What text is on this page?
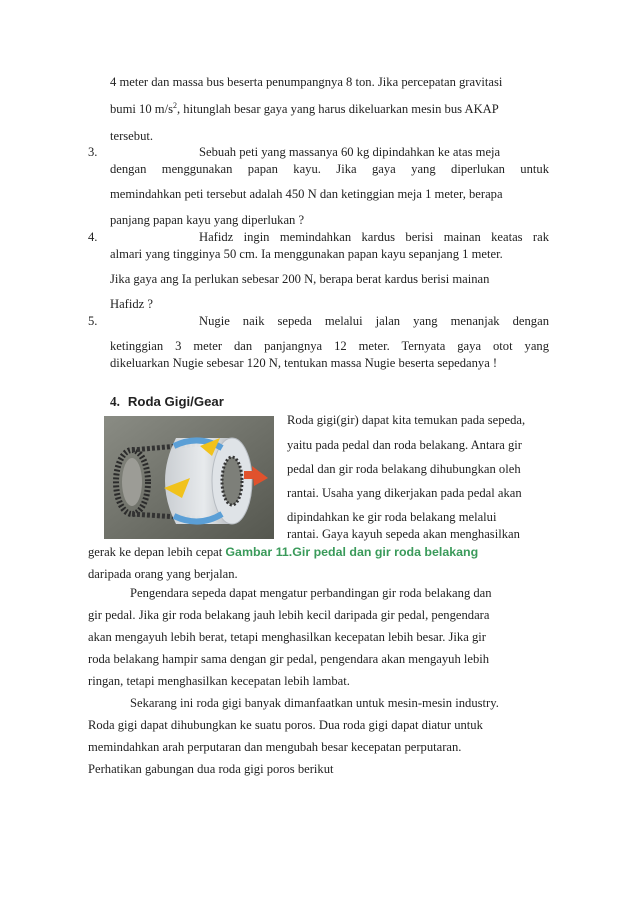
4 meter dan massa bus beserta penumpangnya 8 ton. Jika percepatan gravitasi
bumi 10 $m/s^2$, hitunglah besar gaya yang harus dikeluarkan mesin bus AKAP
tersebut.
3.	Sebuah peti yang massanya 60 kg dipindahkan ke atas meja
dengan menggunakan papan kayu. Jika gaya yang diperlukan untuk
memindahkan peti tersebut adalah 450 N dan ketinggian meja 1 meter, berapa
panjang papan kayu yang diperlukan ?
4.	Hafidz ingin memindahkan kardus berisi mainan keatas rak
almari yang tingginya 50 cm. Ia menggunakan papan kayu sepanjang 1 meter.
Jika gaya ang Ia perlukan sebesar 200 N, berapa berat kardus berisi mainan
Hafidz ?
5.	Nugie naik sepeda melalui jalan yang menanjak dengan
ketinggian 3 meter dan panjangnya 12 meter. Ternyata gaya otot yang
dikeluarkan Nugie sebesar 120 N, tentukan massa Nugie beserta sepedanya !
4. Roda Gigi/Gear
Roda gigi(gir) dapat kita temukan pada sepeda,
yaitu pada pedal dan roda belakang. Antara gir
pedal dan gir roda belakang dihubungkan oleh
rantai. Usaha yang dikerjakan pada pedal akan
dipindahkan ke gir roda belakang melalui
rantai. Gaya kayuh sepeda akan menghasilkan
gerak ke depan lebih cepat Gambar 11.Gir pedal dan gir roda belakang
daripada orang yang berjalan.
Pengendara sepeda dapat mengatur perbandingan gir roda belakang dan
gir pedal. Jika gir roda belakang jauh lebih kecil daripada gir pedal, pengendara
akan mengayuh lebih berat, tetapi menghasilkan kecepatan lebih besar. Jika gir
roda belakang hampir sama dengan gir pedal, pengendara akan mengayuh lebih
ringan, tetapi menghasilkan kecepatan lebih lambat.
Sekarang ini roda gigi banyak dimanfaatkan untuk mesin-mesin industry.
Roda gigi dapat dihubungkan ke suatu poros. Dua roda gigi dapat diatur untuk
memindahkan arah perputaran dan mengubah besar kecepatan perputaran.
Perhatikan gabungan dua roda gigi poros berikut
